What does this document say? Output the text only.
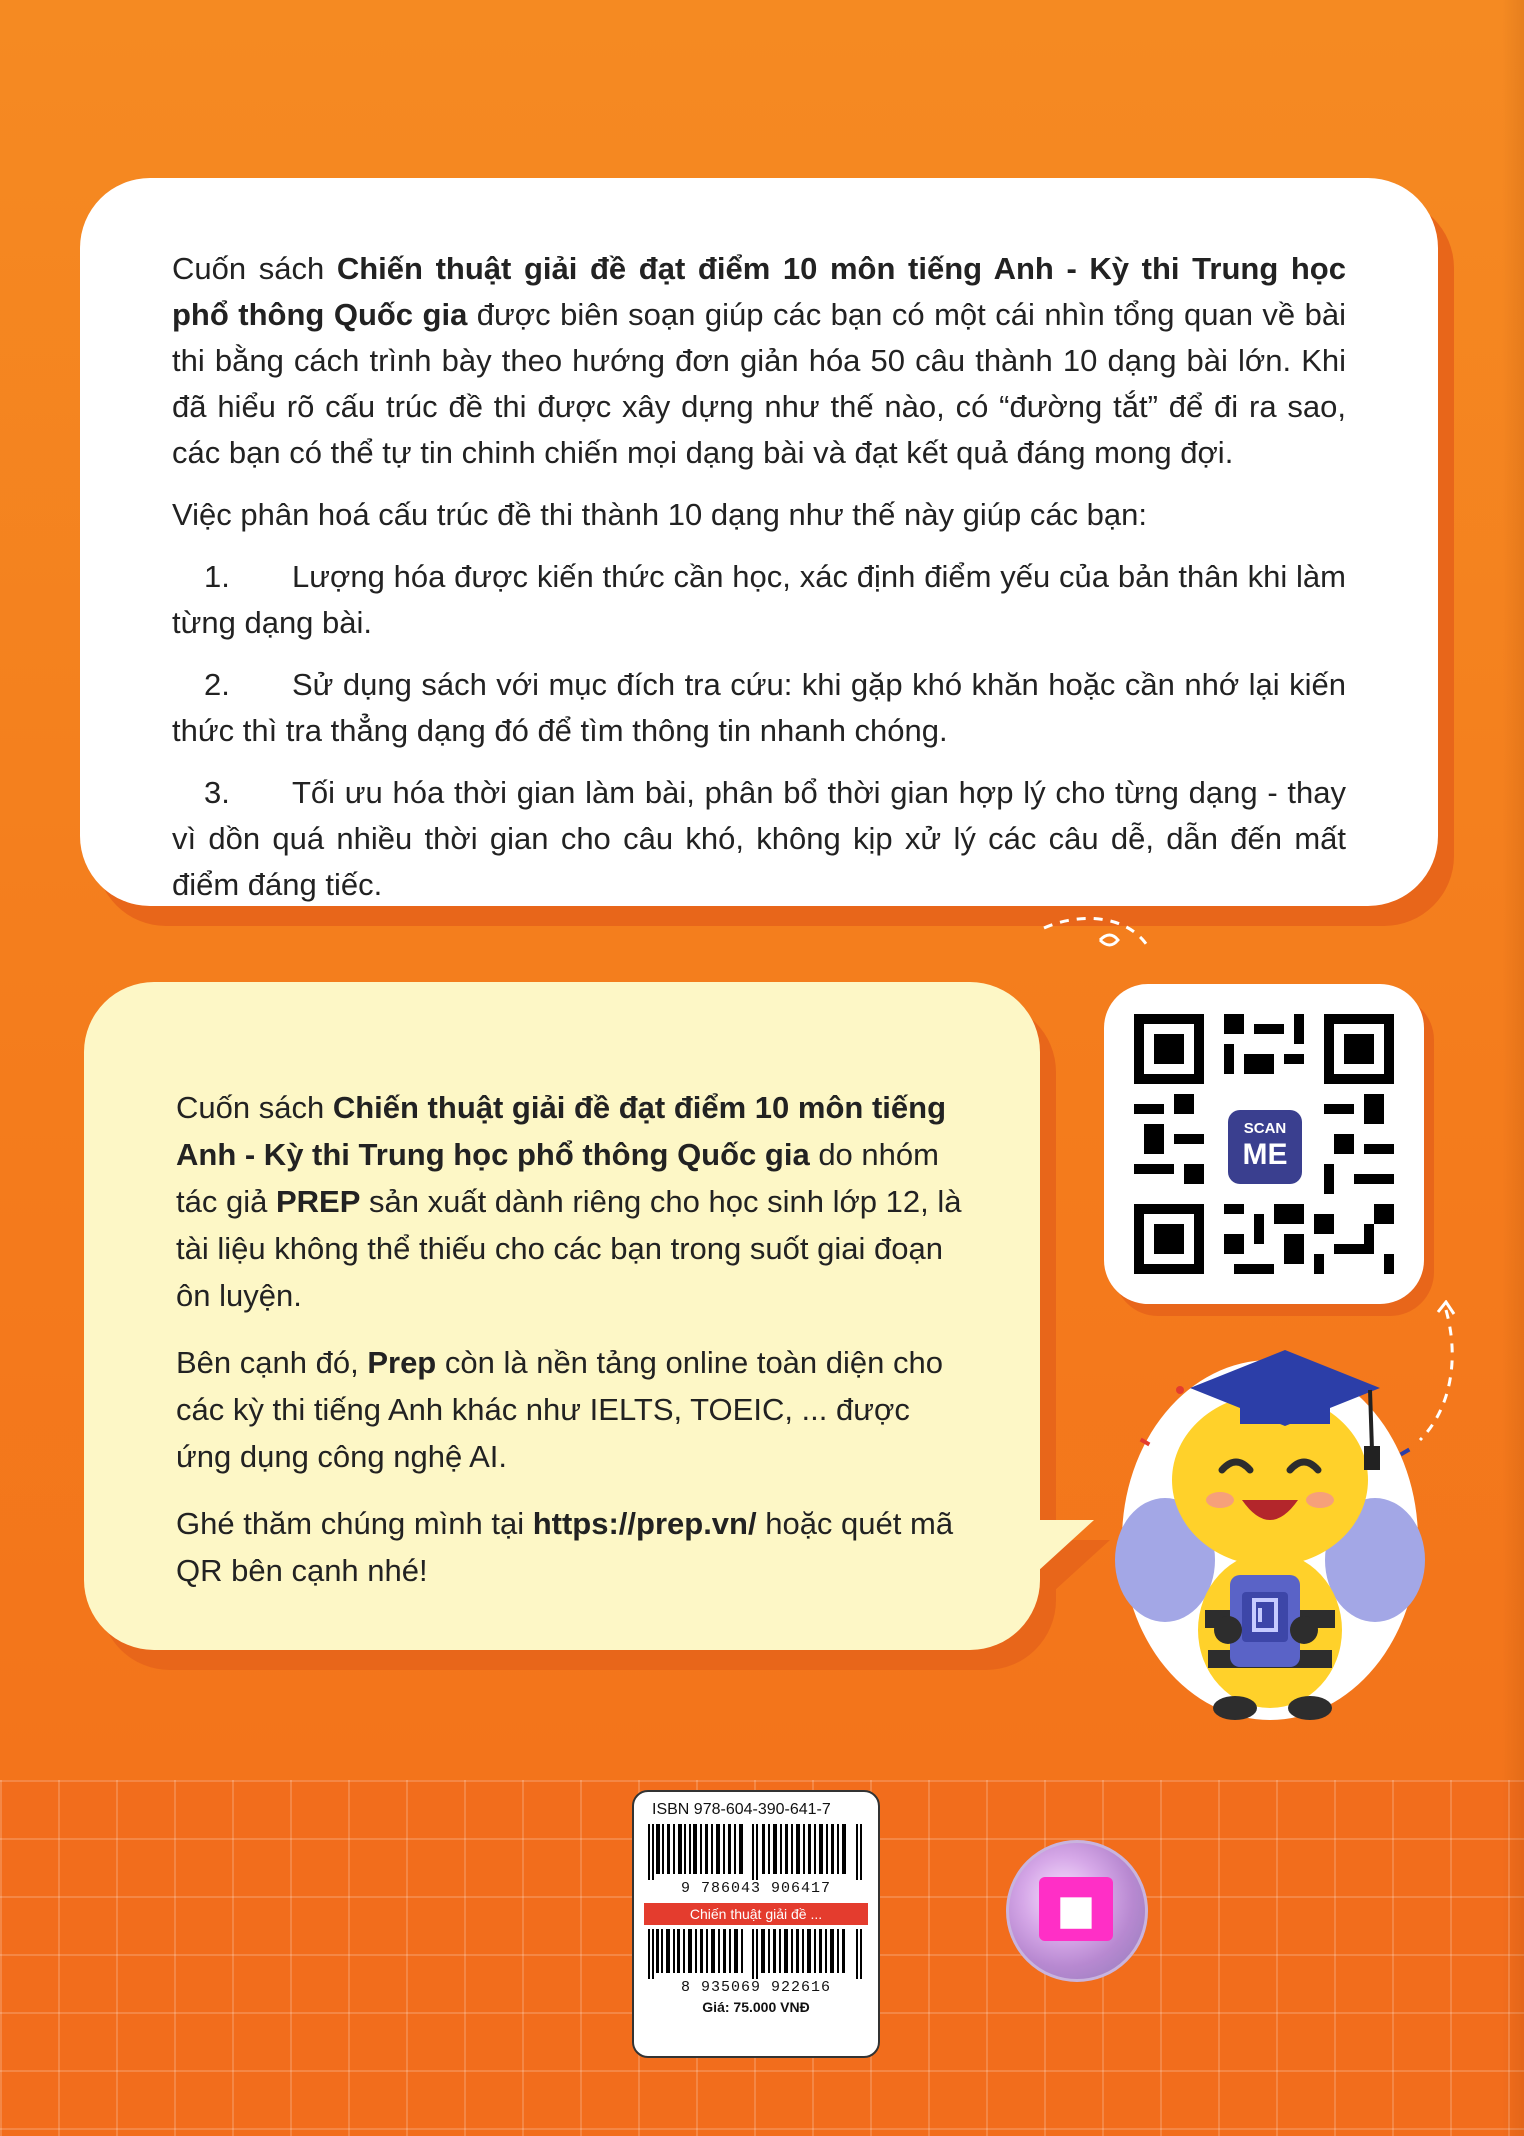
Cuốn sách Chiến thuật giải đề đạt điểm 10 môn tiếng Anh - Kỳ thi Trung học phổ thông Quốc gia được biên soạn giúp các bạn có một cái nhìn tổng quan về bài thi bằng cách trình bày theo hướng đơn giản hóa 50 câu thành 10 dạng bài lớn. Khi đã hiểu rõ cấu trúc đề thi được xây dựng như thế nào, có “đường tắt” để đi ra sao, các bạn có thể tự tin chinh chiến mọi dạng bài và đạt kết quả đáng mong đợi.

Việc phân hoá cấu trúc đề thi thành 10 dạng như thế này giúp các bạn:

1. Lượng hóa được kiến thức cần học, xác định điểm yếu của bản thân khi làm từng dạng bài.

2. Sử dụng sách với mục đích tra cứu: khi gặp khó khăn hoặc cần nhớ lại kiến thức thì tra thẳng dạng đó để tìm thông tin nhanh chóng.

3. Tối ưu hóa thời gian làm bài, phân bổ thời gian hợp lý cho từng dạng - thay vì dồn quá nhiều thời gian cho câu khó, không kịp xử lý các câu dễ, dẫn đến mất điểm đáng tiếc.

Cuốn sách Chiến thuật giải đề đạt điểm 10 môn tiếng Anh - Kỳ thi Trung học phổ thông Quốc gia do nhóm tác giả PREP sản xuất dành riêng cho học sinh lớp 12, là tài liệu không thể thiếu cho các bạn trong suốt giai đoạn ôn luyện.

Bên cạnh đó, Prep còn là nền tảng online toàn diện cho các kỳ thi tiếng Anh khác như IELTS, TOEIC, ... được ứng dụng công nghệ AI.

Ghé thăm chúng mình tại https://prep.vn/ hoặc quét mã QR bên cạnh nhé!

SCAN
ME
ISBN 978-604-390-641-7
9 786043 906417
Chiến thuật giải đề ...
8 935069 922616
Giá: 75.000 VNĐ
◼
